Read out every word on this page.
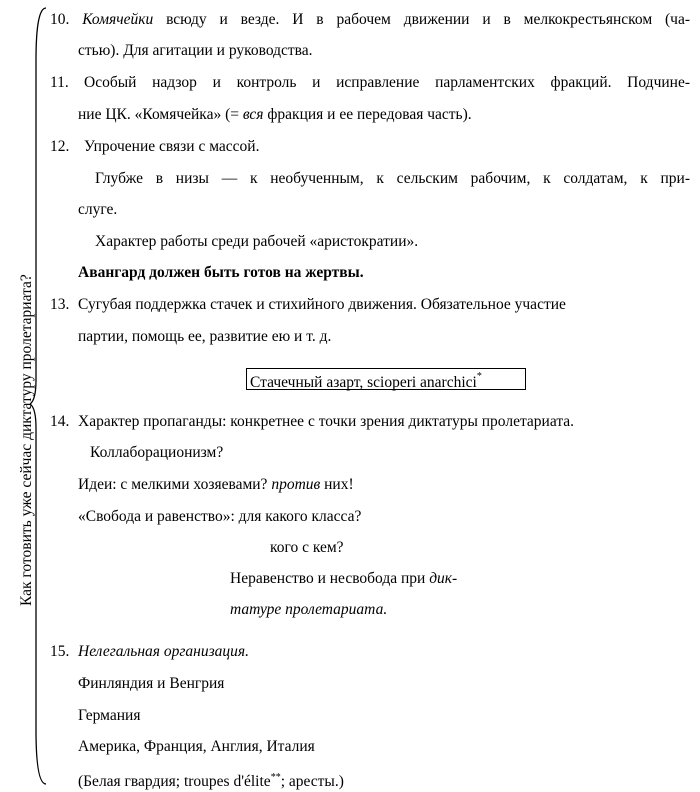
Как готовить уже сейчас диктатуру пролетариата?
10. Комячейки всюду и везде. И в рабочем движении и в мелкокрестьянском (ча-
стью). Для агитации и руководства.
11. Особый надзор и контроль и исправление парламентских фракций. Подчине-
ние ЦК. «Комячейка» (= вся фракция и ее передовая часть).
12. Упрочение связи с массой.
Глубже в низы — к необученным, к сельским рабочим, к солдатам, к при-
слуге.
Характер работы среди рабочей «аристократии».
Авангард должен быть готов на жертвы.
13. Сугубая поддержка стачек и стихийного движения. Обязательное участие
партии, помощь ее, развитие ею и т. д.
Стачечный азарт, scioperi anarchici*
14. Характер пропаганды: конкретнее с точки зрения диктатуры пролетариата.
Коллаборационизм?
Идеи: с мелкими хозяевами? против них!
«Свобода и равенство»: для какого класса?
кого с кем?
Неравенство и несвобода при дик-
татуре пролетариата.
15. Нелегальная организация.
Финляндия и Венгрия
Германия
Америка, Франция, Англия, Италия
(Белая гвардия; troupes d'élite**; аресты.)
